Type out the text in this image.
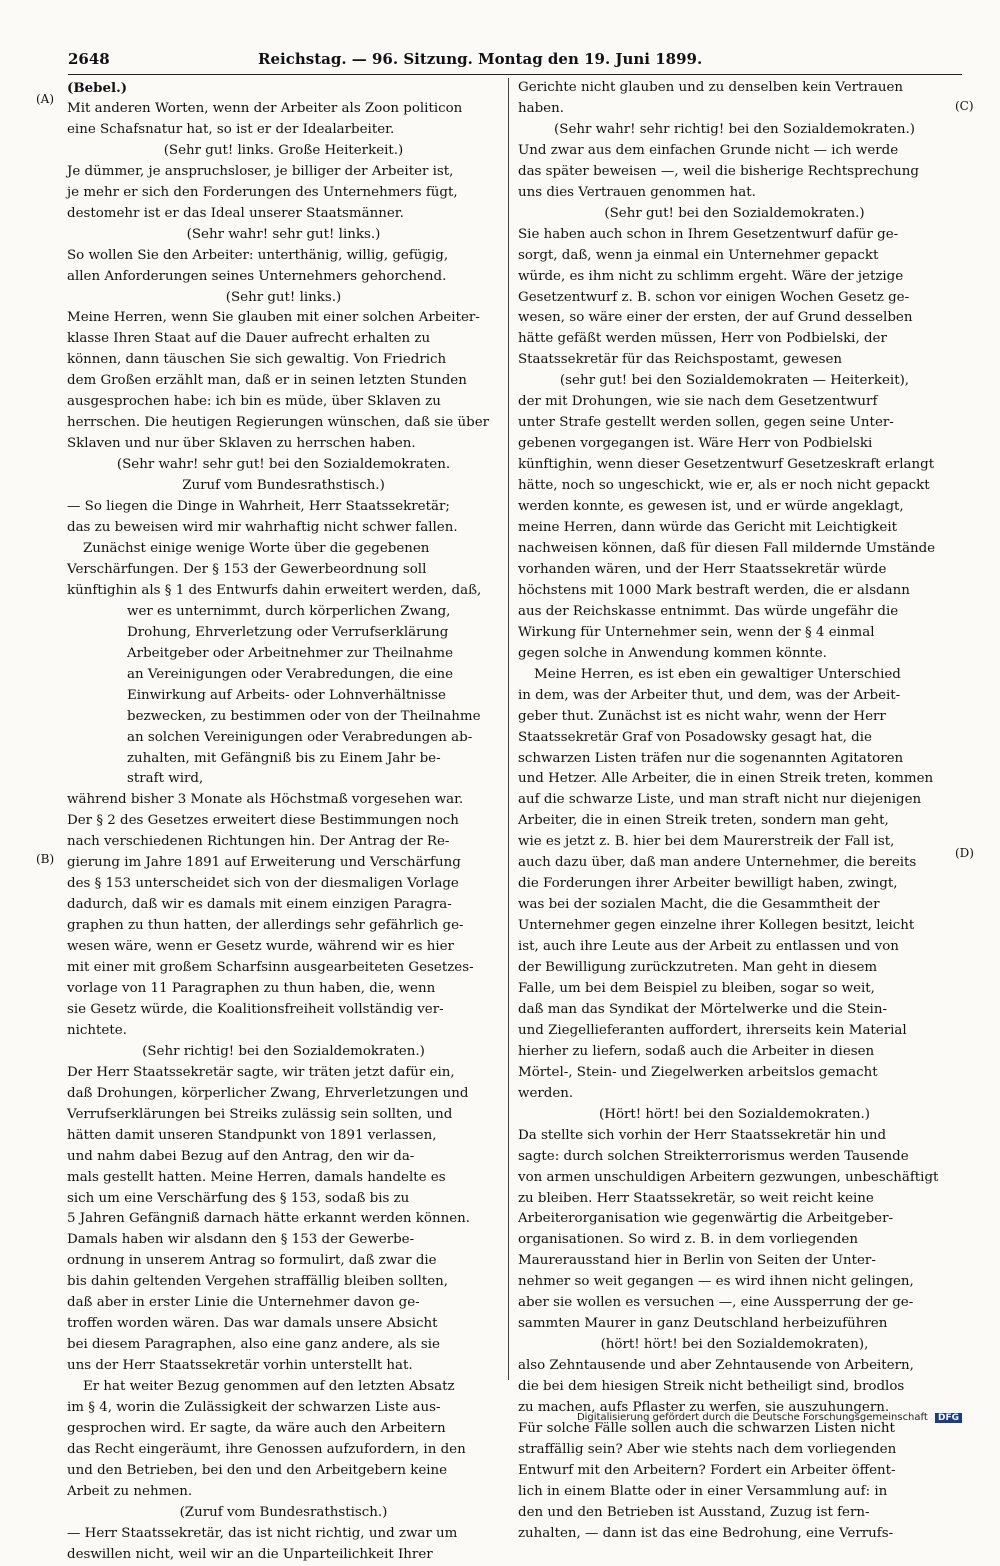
2648	Reichstag. — 96. Sitzung. Montag den 19. Juni 1899.
(A)
(B)
(C)
(D)

(Bebel.)

Mit anderen Worten, wenn der Arbeiter als Zoon politicon

eine Schafsnatur hat, so ist er der Idealarbeiter.

(Sehr gut! links. Große Heiterkeit.)

Je dümmer, je anspruchsloser, je billiger der Arbeiter ist,

je mehr er sich den Forderungen des Unternehmers fügt,

destomehr ist er das Ideal unserer Staatsmänner.

(Sehr wahr! sehr gut! links.)

So wollen Sie den Arbeiter: unterthänig, willig, gefügig,

allen Anforderungen seines Unternehmers gehorchend.

(Sehr gut! links.)

Meine Herren, wenn Sie glauben mit einer solchen Arbeiter-

klasse Ihren Staat auf die Dauer aufrecht erhalten zu

können, dann täuschen Sie sich gewaltig. Von Friedrich

dem Großen erzählt man, daß er in seinen letzten Stunden

ausgesprochen habe: ich bin es müde, über Sklaven zu

herrschen. Die heutigen Regierungen wünschen, daß sie über

Sklaven und nur über Sklaven zu herrschen haben.

(Sehr wahr! sehr gut! bei den Sozialdemokraten.

Zuruf vom Bundesrathstisch.)

— So liegen die Dinge in Wahrheit, Herr Staatssekretär;

das zu beweisen wird mir wahrhaftig nicht schwer fallen.

Zunächst einige wenige Worte über die gegebenen

Verschärfungen. Der § 153 der Gewerbeordnung soll

künftighin als § 1 des Entwurfs dahin erweitert werden, daß,

wer es unternimmt, durch körperlichen Zwang,

Drohung, Ehrverletzung oder Verrufserklärung

Arbeitgeber oder Arbeitnehmer zur Theilnahme

an Vereinigungen oder Verabredungen, die eine

Einwirkung auf Arbeits- oder Lohnverhältnisse

bezwecken, zu bestimmen oder von der Theilnahme

an solchen Vereinigungen oder Verabredungen ab-

zuhalten, mit Gefängniß bis zu Einem Jahr be-

straft wird,

während bisher 3 Monate als Höchstmaß vorgesehen war.

Der § 2 des Gesetzes erweitert diese Bestimmungen noch

nach verschiedenen Richtungen hin. Der Antrag der Re-

gierung im Jahre 1891 auf Erweiterung und Verschärfung

des § 153 unterscheidet sich von der diesmaligen Vorlage

dadurch, daß wir es damals mit einem einzigen Paragra-

graphen zu thun hatten, der allerdings sehr gefährlich ge-

wesen wäre, wenn er Gesetz wurde, während wir es hier

mit einer mit großem Scharfsinn ausgearbeiteten Gesetzes-

vorlage von 11 Paragraphen zu thun haben, die, wenn

sie Gesetz würde, die Koalitionsfreiheit vollständig ver-

nichtete.

(Sehr richtig! bei den Sozialdemokraten.)

Der Herr Staatssekretär sagte, wir träten jetzt dafür ein,

daß Drohungen, körperlicher Zwang, Ehrverletzungen und

Verrufserklärungen bei Streiks zulässig sein sollten, und

hätten damit unseren Standpunkt von 1891 verlassen,

und nahm dabei Bezug auf den Antrag, den wir da-

mals gestellt hatten. Meine Herren, damals handelte es

sich um eine Verschärfung des § 153, sodaß bis zu

5 Jahren Gefängniß darnach hätte erkannt werden können.

Damals haben wir alsdann den § 153 der Gewerbe-

ordnung in unserem Antrag so formulirt, daß zwar die

bis dahin geltenden Vergehen straffällig bleiben sollten,

daß aber in erster Linie die Unternehmer davon ge-

troffen worden wären. Das war damals unsere Absicht

bei diesem Paragraphen, also eine ganz andere, als sie

uns der Herr Staatssekretär vorhin unterstellt hat.

Er hat weiter Bezug genommen auf den letzten Absatz

im § 4, worin die Zulässigkeit der schwarzen Liste aus-

gesprochen wird. Er sagte, da wäre auch den Arbeitern

das Recht eingeräumt, ihre Genossen aufzufordern, in den

und den Betrieben, bei den und den Arbeitgebern keine

Arbeit zu nehmen.

(Zuruf vom Bundesrathstisch.)

— Herr Staatssekretär, das ist nicht richtig, und zwar um

deswillen nicht, weil wir an die Unparteilichkeit Ihrer

Gerichte nicht glauben und zu denselben kein Vertrauen

haben.

(Sehr wahr! sehr richtig! bei den Sozialdemokraten.)

Und zwar aus dem einfachen Grunde nicht — ich werde

das später beweisen —, weil die bisherige Rechtsprechung

uns dies Vertrauen genommen hat.

(Sehr gut! bei den Sozialdemokraten.)

Sie haben auch schon in Ihrem Gesetzentwurf dafür ge-

sorgt, daß, wenn ja einmal ein Unternehmer gepackt

würde, es ihm nicht zu schlimm ergeht. Wäre der jetzige

Gesetzentwurf z. B. schon vor einigen Wochen Gesetz ge-

wesen, so wäre einer der ersten, der auf Grund desselben

hätte gefäßt werden müssen, Herr von Podbielski, der

Staatssekretär für das Reichspostamt, gewesen

(sehr gut! bei den Sozialdemokraten — Heiterkeit),

der mit Drohungen, wie sie nach dem Gesetzentwurf

unter Strafe gestellt werden sollen, gegen seine Unter-

gebenen vorgegangen ist. Wäre Herr von Podbielski

künftighin, wenn dieser Gesetzentwurf Gesetzeskraft erlangt

hätte, noch so ungeschickt, wie er, als er noch nicht gepackt

werden konnte, es gewesen ist, und er würde angeklagt,

meine Herren, dann würde das Gericht mit Leichtigkeit

nachweisen können, daß für diesen Fall mildernde Umstände

vorhanden wären, und der Herr Staatssekretär würde

höchstens mit 1000 Mark bestraft werden, die er alsdann

aus der Reichskasse entnimmt. Das würde ungefähr die

Wirkung für Unternehmer sein, wenn der § 4 einmal

gegen solche in Anwendung kommen könnte.

Meine Herren, es ist eben ein gewaltiger Unterschied

in dem, was der Arbeiter thut, und dem, was der Arbeit-

geber thut. Zunächst ist es nicht wahr, wenn der Herr

Staatssekretär Graf von Posadowsky gesagt hat, die

schwarzen Listen träfen nur die sogenannten Agitatoren

und Hetzer. Alle Arbeiter, die in einen Streik treten, kommen

auf die schwarze Liste, und man straft nicht nur diejenigen

Arbeiter, die in einen Streik treten, sondern man geht,

wie es jetzt z. B. hier bei dem Maurerstreik der Fall ist,

auch dazu über, daß man andere Unternehmer, die bereits

die Forderungen ihrer Arbeiter bewilligt haben, zwingt,

was bei der sozialen Macht, die die Gesammtheit der

Unternehmer gegen einzelne ihrer Kollegen besitzt, leicht

ist, auch ihre Leute aus der Arbeit zu entlassen und von

der Bewilligung zurückzutreten. Man geht in diesem

Falle, um bei dem Beispiel zu bleiben, sogar so weit,

daß man das Syndikat der Mörtelwerke und die Stein-

und Ziegellieferanten auffordert, ihrerseits kein Material

hierher zu liefern, sodaß auch die Arbeiter in diesen

Mörtel-, Stein- und Ziegelwerken arbeitslos gemacht

werden.

(Hört! hört! bei den Sozialdemokraten.)

Da stellte sich vorhin der Herr Staatssekretär hin und

sagte: durch solchen Streikterrorismus werden Tausende

von armen unschuldigen Arbeitern gezwungen, unbeschäftigt

zu bleiben. Herr Staatssekretär, so weit reicht keine

Arbeiterorganisation wie gegenwärtig die Arbeitgeber-

organisationen. So wird z. B. in dem vorliegenden

Maurerausstand hier in Berlin von Seiten der Unter-

nehmer so weit gegangen — es wird ihnen nicht gelingen,

aber sie wollen es versuchen —, eine Aussperrung der ge-

sammten Maurer in ganz Deutschland herbeizuführen

(hört! hört! bei den Sozialdemokraten),

also Zehntausende und aber Zehntausende von Arbeitern,

die bei dem hiesigen Streik nicht betheiligt sind, brodlos

zu machen, aufs Pflaster zu werfen, sie auszuhungern.

Für solche Fälle sollen auch die schwarzen Listen nicht

straffällig sein? Aber wie stehts nach dem vorliegenden

Entwurf mit den Arbeitern? Fordert ein Arbeiter öffent-

lich in einem Blatte oder in einer Versammlung auf: in

den und den Betrieben ist Ausstand, Zuzug ist fern-

zuhalten, — dann ist das eine Bedrohung, eine Verrufs-

Digitalisierung gefördert durch die Deutsche Forschungsgemeinschaft DFG
